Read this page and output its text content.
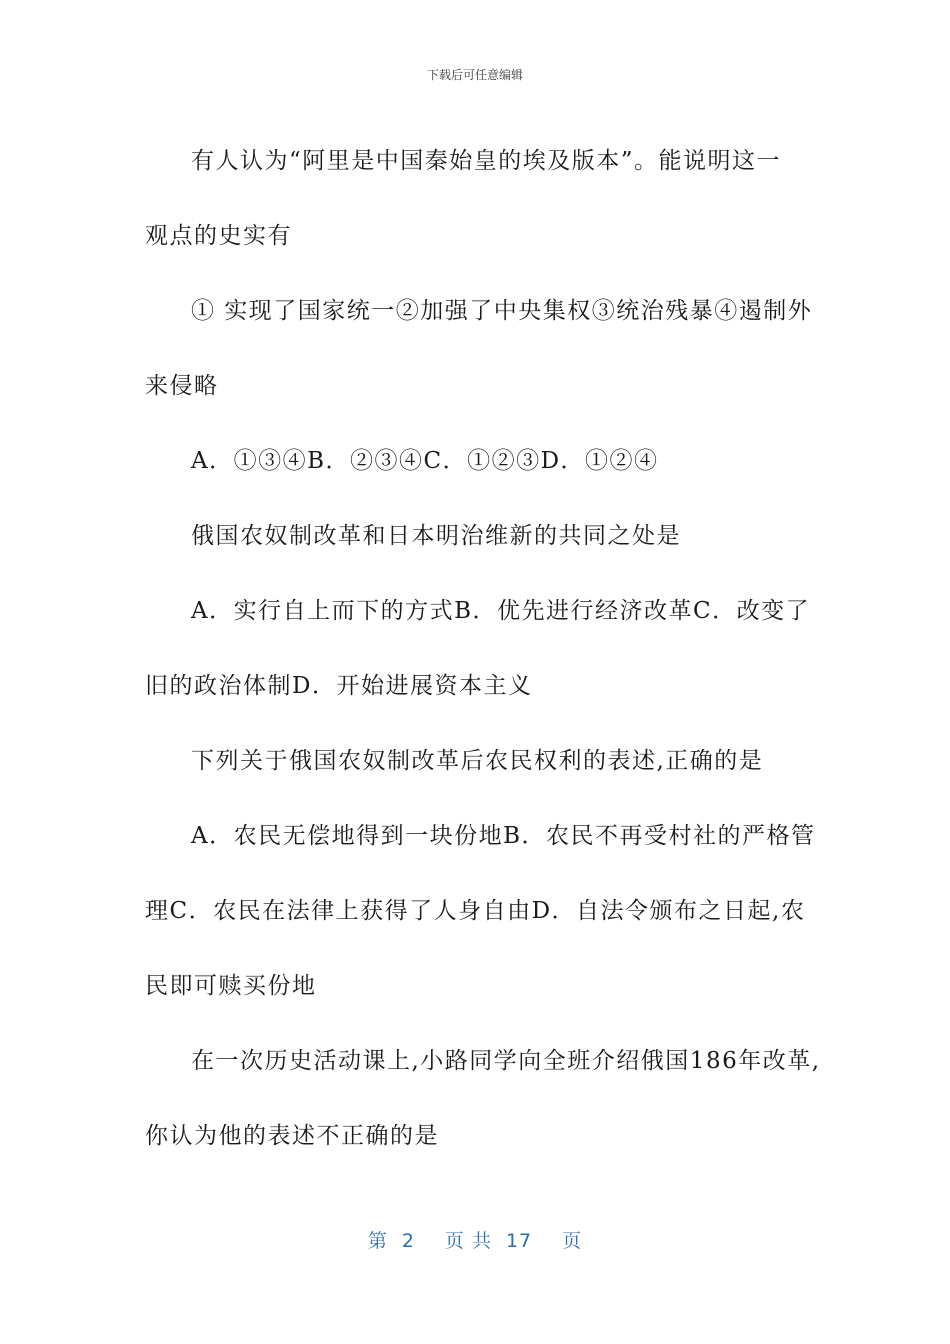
下载后可任意编辑
有人认为“阿里是中国秦始皇的埃及版本”。能说明这一
观点的史实有
① 实现了国家统一②加强了中央集权③统治残暴④遏制外
来侵略
A．①③④B．②③④C．①②③D．①②④
俄国农奴制改革和日本明治维新的共同之处是
A．实行自上而下的方式B．优先进行经济改革C．改变了
旧的政治体制D．开始进展资本主义
下列关于俄国农奴制改革后农民权利的表述,正确的是
A．农民无偿地得到一块份地B．农民不再受村社的严格管
理C．农民在法律上获得了人身自由D．自法令颁布之日起,农
民即可赎买份地
在一次历史活动课上,小路同学向全班介绍俄国186年改革,
你认为他的表述不正确的是
第 2 页 共 17 页
